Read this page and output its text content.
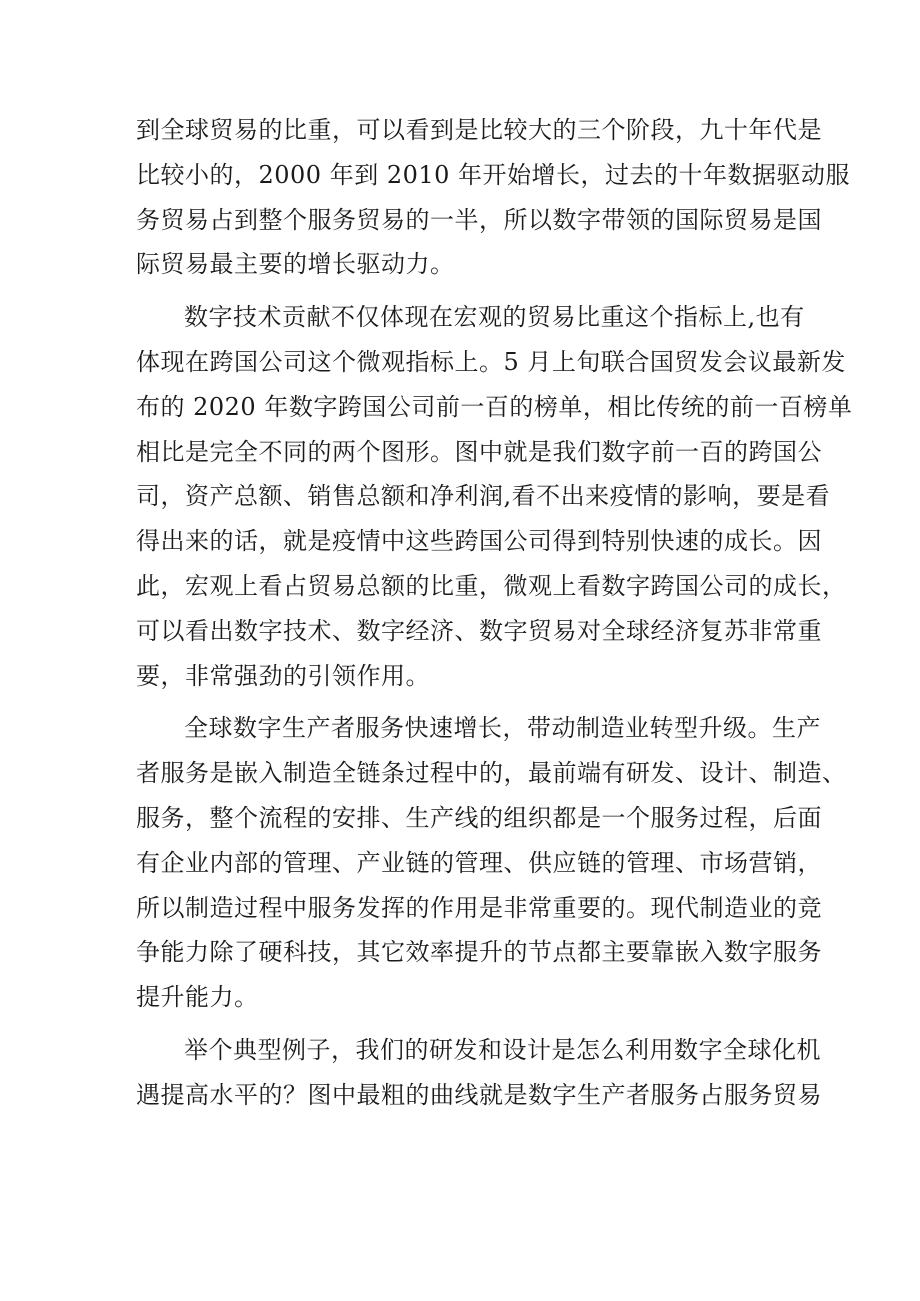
到全球贸易的比重，可以看到是比较大的三个阶段，九十年代是
比较小的，2000 年到 2010 年开始增长，过去的十年数据驱动服
务贸易占到整个服务贸易的一半，所以数字带领的国际贸易是国
际贸易最主要的增长驱动力。

数字技术贡献不仅体现在宏观的贸易比重这个指标上,也有
体现在跨国公司这个微观指标上。5 月上旬联合国贸发会议最新发
布的 2020 年数字跨国公司前一百的榜单，相比传统的前一百榜单
相比是完全不同的两个图形。图中就是我们数字前一百的跨国公
司，资产总额、销售总额和净利润,看不出来疫情的影响，要是看
得出来的话，就是疫情中这些跨国公司得到特别快速的成长。因
此，宏观上看占贸易总额的比重，微观上看数字跨国公司的成长，
可以看出数字技术、数字经济、数字贸易对全球经济复苏非常重
要，非常强劲的引领作用。

全球数字生产者服务快速增长，带动制造业转型升级。生产
者服务是嵌入制造全链条过程中的，最前端有研发、设计、制造、
服务，整个流程的安排、生产线的组织都是一个服务过程，后面
有企业内部的管理、产业链的管理、供应链的管理、市场营销，
所以制造过程中服务发挥的作用是非常重要的。现代制造业的竞
争能力除了硬科技，其它效率提升的节点都主要靠嵌入数字服务
提升能力。

举个典型例子，我们的研发和设计是怎么利用数字全球化机
遇提高水平的？图中最粗的曲线就是数字生产者服务占服务贸易
